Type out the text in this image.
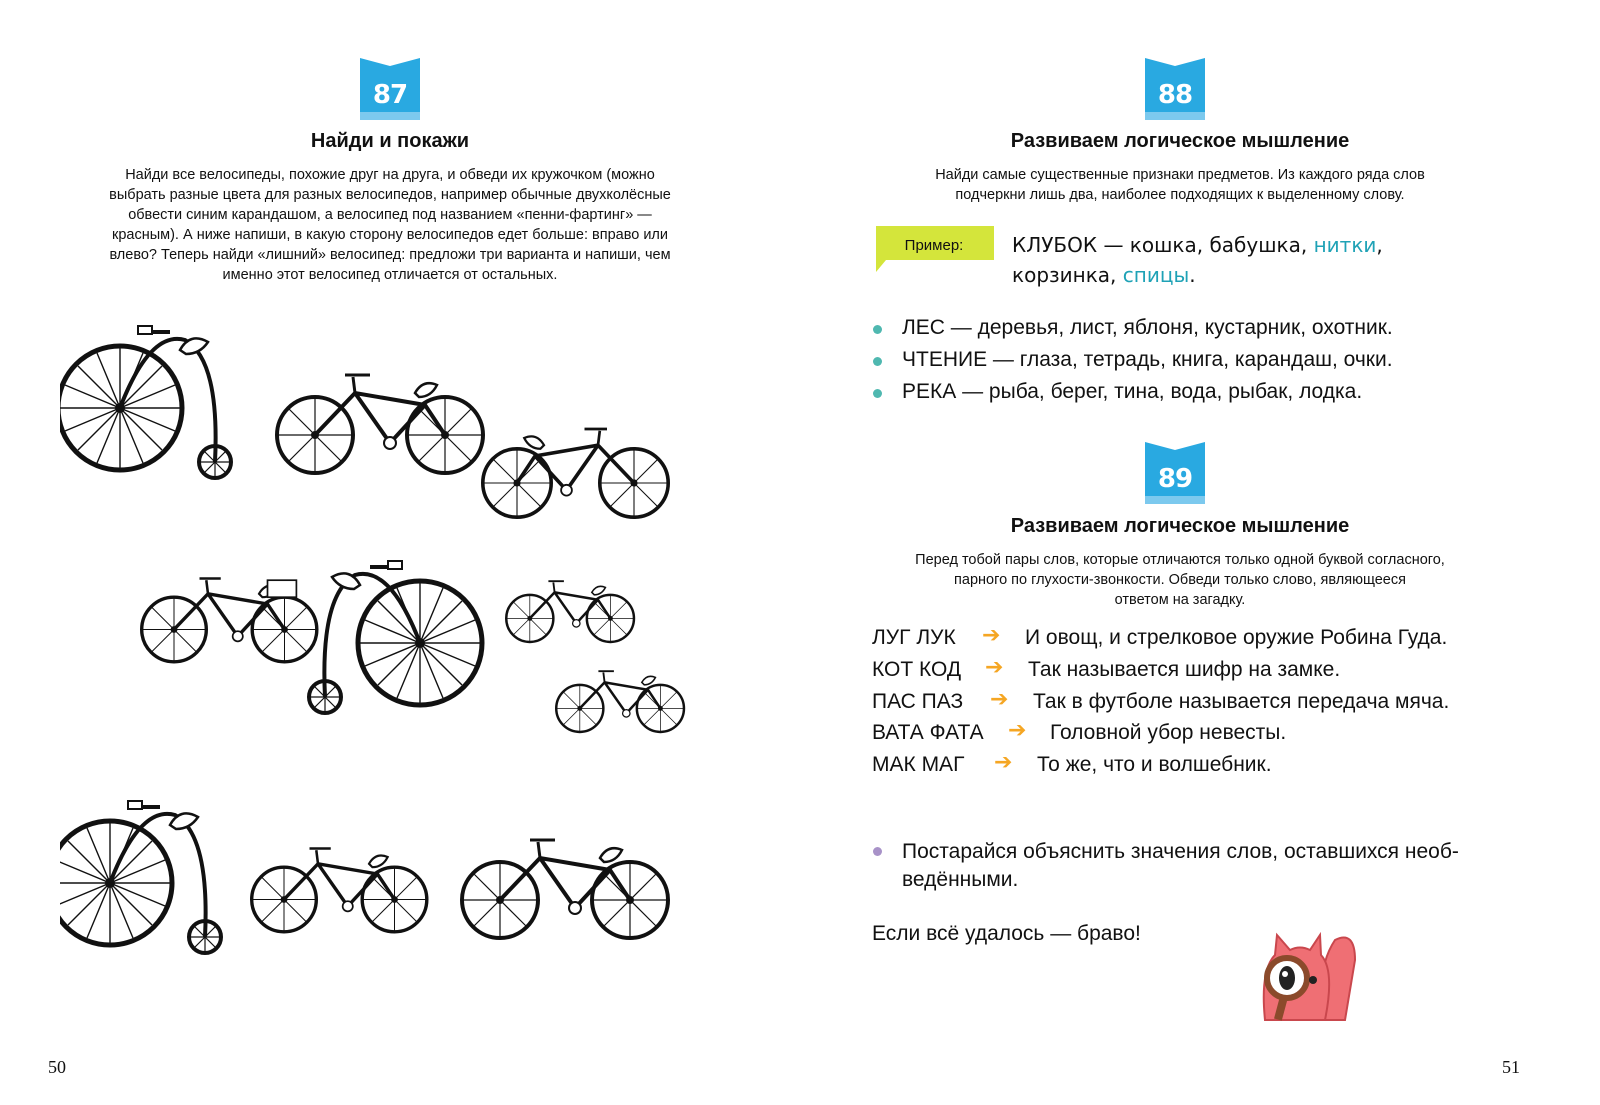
87
Найди и покажи
Найди все велосипеды, похожие друг на друга, и обведи их кружочком (можно
выбрать разные цвета для разных велосипедов, например обычные двухколёсные
обвести синим карандашом, а велосипед под названием «пенни-фартинг» —
красным). А ниже напиши, в какую сторону велосипедов едет больше: вправо или
влево? Теперь найди «лишний» велосипед: предложи три варианта и напиши, чем
именно этот велосипед отличается от остальных.
50
88
Развиваем логическое мышление
Найди самые существенные признаки предметов. Из каждого ряда слов
подчеркни лишь два, наиболее подходящих к выделенному слову.
Пример: КЛУБОК — кошка, бабушка, нитки,
корзинка, спицы.
ЛЕС — деревья, лист, яблоня, кустарник, охотник.
ЧТЕНИЕ — глаза, тетрадь, книга, карандаш, очки.
РЕКА — рыба, берег, тина, вода, рыбак, лодка.
89
Развиваем логическое мышление
Перед тобой пары слов, которые отличаются только одной буквой согласного,
парного по глухости-звонкости. Обведи только слово, являющееся
ответом на загадку.
ЛУГ ЛУК ➔ И овощ, и стрелковое оружие Робина Гуда.
КОТ КОД ➔ Так называется шифр на замке.
ПАС ПАЗ ➔ Так в футболе называется передача мяча.
ВАТА ФАТА ➔ Головной убор невесты.
МАК МАГ ➔ То же, что и волшебник.
Постарайся объяснить значения слов, оставшихся необ-
ведёнными.
Если всё удалось — браво!
51
